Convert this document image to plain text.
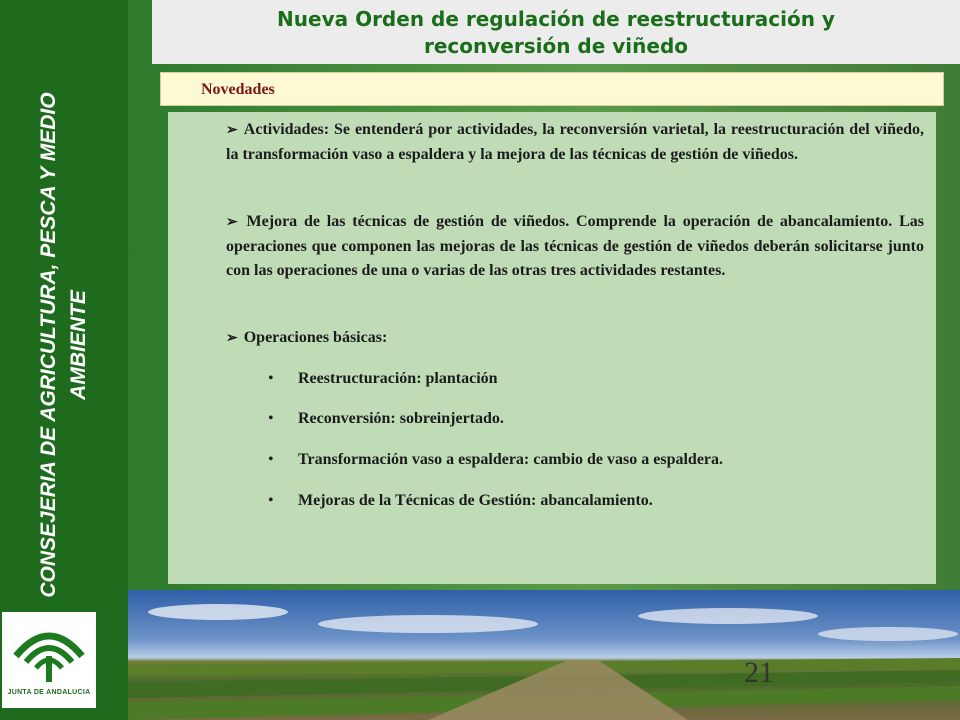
CONSEJERIA DE AGRICULTURA, PESCA Y MEDIO AMBIENTE
JUNTA DE ANDALUCIA
Nueva Orden de regulación de reestructuración y
reconversión de viñedo
Novedades
➢ Actividades: Se entenderá por actividades, la reconversión varietal, la reestructuración del viñedo, la transformación vaso a espaldera y la mejora de las técnicas de gestión de viñedos.
➢ Mejora de las técnicas de gestión de viñedos. Comprende la operación de abancalamiento. Las operaciones que componen las mejoras de las técnicas de gestión de viñedos deberán solicitarse junto con las operaciones de una o varias de las otras tres actividades restantes.
➢ Operaciones básicas:
• Reestructuración: plantación
• Reconversión: sobreinjertado.
• Transformación vaso a espaldera: cambio de vaso a espaldera.
• Mejoras de la Técnicas de Gestión: abancalamiento.
21
